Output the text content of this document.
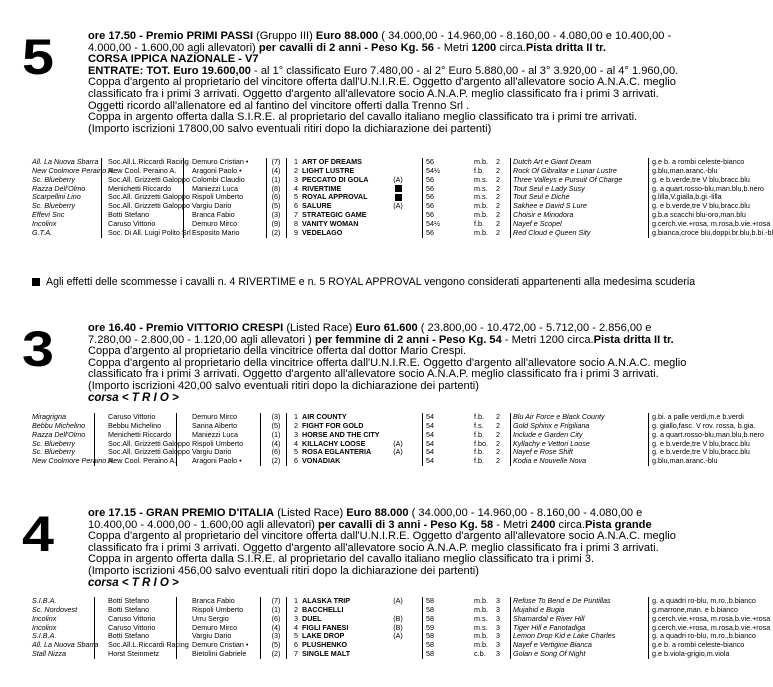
5	ore 17.50 - Premio PRIMI PASSI (Gruppo III) Euro 88.000 ( 34.000,00 - 14.960,00 - 8.160,00 - 4.080,00 e 10.400,00 -

4.000,00 - 1.600,00 agli allevatori) per cavalli di 2 anni - Peso Kg. 56 - Metri 1200 circa.Pista dritta II tr.

CORSA IPPICA NAZIONALE - V7

ENTRATE: TOT. Euro 19.600,00 - al 1° classificato Euro 7.480,00 - al 2° Euro 5.880,00 - al 3° 3.920,00 - al 4° 1.960,00.

Coppa d'argento al proprietario del vincitore offerta dall'U.N.I.R.E. Oggetto d'argento all'allevatore socio A.N.A.C. meglio

classificato fra i primi 3 arrivati. Oggetto d'argento all'allevatore socio A.N.A.P. meglio classificato fra i primi 3 arrivati.

Oggetti ricordo all'allenatore ed al fantino del vincitore offerti dalla Trenno Srl .

Coppa in argento offerta dalla S.I.R.E. al proprietario del cavallo italiano meglio classificato tra i primi tre arrivati.

(Importo iscrizioni 17800,00 salvo eventuali ritiri dopo la dichiarazione dei partenti)

All. La Nuova Sbarra	Soc.All.L.Riccardi Racing Demuro Cristian •	(7)	1 ART OF DREAMS	56	m.b.	2	Dutch Art e Giant Dream	g.e b. a rombi celeste-bianco
New Coolmore Peraino A.
New Cool. Peraino A.	Aragoni Paolo •	(4)	2 LIGHT LUSTRE	54½	f.b.	2	Rock Of Gibraltar e Lunar Lustre	g.blu,man.aranc.-blu
Sc. Blueberry	Soc.All. Grizzetti Galoppo Colombi Claudio	(1)	3 PECCATO DI GOLA	(A)	56	m.s.	2	Three Valleys e Pursuit Of Charge	g. e b.verde,tre V blu,bracc.blu
Razza Dell'Olmo	Menichetti Riccardo	Maniezzi Luca	(8)	4 RIVERTIME	56	m.s.	2	Tout Seul e Lady Susy	g. a quart.rosso-blu,man.blu,b.nero
Scarpellini Lino	Soc.All. Grizzetti Galoppo Rispoli Umberto	(6)	5 ROYAL APPROVAL	56	m.s.	2	Tout Seul e Diche	g.lilla,V.gialla,b.gi.-lilla
Sc. Blueberry	Soc.All. Grizzetti Galoppo Vargiu Dario	(5)	6 SALURE	(A)	56	m.b.	2	Sakhee e David S Lure	g. e b.verde,tre V blu,bracc.blu
Effevi Snc	Botti Stefano	Branca Fabio	(3)	7 STRATEGIC GAME	56	m.b.	2	Choisir e Minodora	g.b.a scacchi blu-oro,man.blu
Incolinx	Caruso Vittorio	Demuro Mirco	(9)	8 VANITY WOMAN	54½	f.b.	2	Nayef e Scopel	g.cerch.vie.+rosa, m.rosa,b.vie.+rosa
G.T.A.	Soc. Di All. Luigi Polito Srl Esposito Mario	(2)	9 VEDELAGO	56	m.b.	2	Red Cloud e Queen Sity	g.bianca,croce blu,doppi.br.blu,b.bi.-bl
Agli effetti delle scommesse i cavalli n. 4 RIVERTIME e n. 5 ROYAL APPROVAL vengono considerati appartenenti alla medesima scuderia
3	ore 16.40 - Premio VITTORIO CRESPI (Listed Race) Euro 61.600 ( 23.800,00 - 10.472,00 - 5.712,00 - 2.856,00 e

7.280,00 - 2.800,00 - 1.120,00 agli allevatori ) per femmine di 2 anni - Peso Kg. 54 - Metri 1200 circa.Pista dritta II tr.

Coppa d'argento al proprietario della vincitrice offerta dal dottor Mario Crespi.

Coppa d'argento al proprietario della vincitrice offerta dall'U.N.I.R.E. Oggetto d'argento all'allevatore socio A.N.A.C. meglio

classificato fra i primi 3 arrivati. Oggetto d'argento all'allevatore socio A.N.A.P. meglio classificato fra i primi 3 arrivati.

(Importo iscrizioni 420,00 salvo eventuali ritiri dopo la dichiarazione dei partenti)

corsa < T R I O >

Miragrigna	Caruso Vittorio	Demuro Mirco	(3)	1 AIR COUNTY	54	f.b.	2	Blu Air Force e Black County	g.bi. a palle verdi,m.e b.verdi
Bebbu Michelino	Bebbu Michelino	Sanna Alberto	(5)	2 FIGHT FOR GOLD	54	f.s.	2	Gold Sphinx e Frigiliana	g. giallo,fasc. V rov. rossa, b.gia.
Razza Dell'Olmo	Menichetti Riccardo	Maniezzi Luca	(1)	3 HORSE AND THE CITY	54	f.b.	2	Include e Garden City	g. a quart.rosso-blu,man.blu,b.nero
Sc. Blueberry	Soc.All. Grizzetti Galoppo Rispoli Umberto	(4)	4 KILLACHY LOOSE	(A)	54	f.bo.	2	Kyllachy e Vettori Loose	g. e b.verde,tre V blu,bracc.blu
Sc. Blueberry	Soc.All. Grizzetti Galoppo Vargiu Dario	(6)	5 ROSA EGLANTERIA	(A)	54	f.b.	2	Nayef e Rose Shift	g. e b.verde,tre V blu,bracc.blu
New Coolmore Peraino A.
New Cool. Peraino A.	Aragoni Paolo •	(2)	6 VONADIAK	54	f.b.	2	Kodia e Nouvelle Nova	g.blu,man.aranc.-blu
4	ore 17.15 - GRAN PREMIO D'ITALIA (Listed Race) Euro 88.000 ( 34.000,00 - 14.960,00 - 8.160,00 - 4.080,00 e

10.400,00 - 4.000,00 - 1.600,00 agli allevatori) per cavalli di 3 anni - Peso Kg. 58 - Metri 2400 circa.Pista grande

Coppa d'argento al proprietario del vincitore offerta dall'U.N.I.R.E. Oggetto d'argento all'allevatore socio A.N.A.C. meglio

classificato fra i primi 3 arrivati. Oggetto d'argento all'allevatore socio A.N.A.P. meglio classificato fra i primi 3 arrivati.

Coppa in argento offerta dalla S.I.R.E. al proprietario del cavallo italiano meglio classificato tra i primi 3.

(Importo iscrizioni 456,00 salvo eventuali ritiri dopo la dichiarazione dei partenti)

corsa < T R I O >

S.I.B.A.	Botti Stefano	Branca Fabio	(7)	1 ALASKA TRIP	(A)	58	m.b.	3	Refuse To Bend e De Puntillas	g. a quadri ro-blu, m.ro.,b.bianco
Sc. Nordovest	Botti Stefano	Rispoli Umberto	(1)	2 BACCHELLI	58	m.b.	3	Mujahid e Bugia	g.marrone,man. e b.bianco
Incolinx	Caruso Vittorio	Urru Sergio	(6)	3 DUEL	(B)	58	m.s.	3	Shamardal e River Hill	g.cerch.vie.+rosa, m.rosa,b.vie.+rosa
Incolinx	Caruso Vittorio	Demuro Mirco	(4)	4 FIGLI FANESI	(B)	59	m.s.	3	Tiger Hill e Fanotadiga	g.cerch.vie.+rosa, m.rosa,b.vie.+rosa
S.I.B.A.	Botti Stefano	Vargiu Dario	(3)	5 LAKE DROP	(A)	58	m.b.	3	Lemon Drop Kid e Lake Charles	g. a quadri ro-blu, m.ro.,b.bianco
All. La Nuova Sbarra	Soc.All.L.Riccardi Racing Demuro Cristian •	(5)	6 PLUSHENKO	58	m.b.	3	Nayef e Vertigine Bianca	g.e b. a rombi celeste-bianco
Stall Nizza	Horst Steinmetz	Bietolini Gabriele	(2)	7 SINGLE MALT	58	c.b.	3	Golan e Song Of Night	g.e b.viola-grigio,m.viola
